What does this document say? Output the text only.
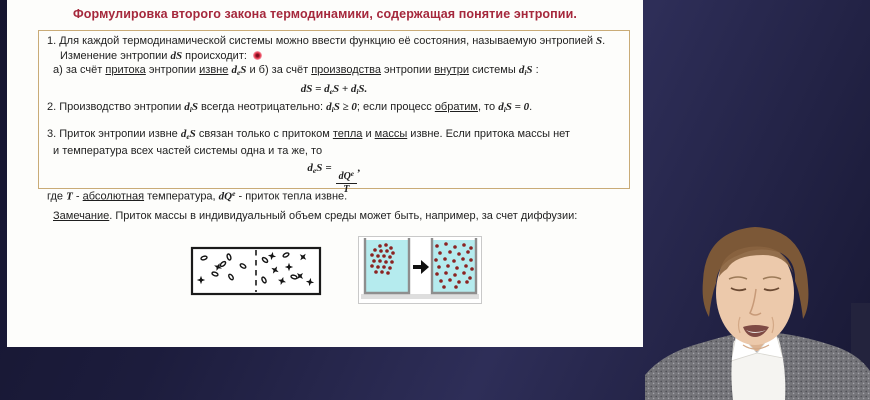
Формулировка второго закона термодинамики, содержащая понятие энтропии.
1. Для каждой термодинамической системы можно ввести функцию её состояния, называемую энтропией S.
Изменение энтропии dS происходит:
а) за счёт притока энтропии извне deS и б) за счёт производства энтропии внутри системы diS :
dS = deS + diS.
2. Производство энтропии diS всегда неотрицательно: diS ≥ 0; если процесс обратим, то diS = 0.
3. Приток энтропии извне deS связан только с притоком тепла и массы извне. Если притока массы нет
и температура всех частей системы одна и та же, то
deS =
$\frac{dQ^e}{T}$
,
где T - абсолютная температура, $dQ^e$ - приток тепла извне.
Замечание. Приток массы в индивидуальный объем среды может быть, например, за счет диффузии:
